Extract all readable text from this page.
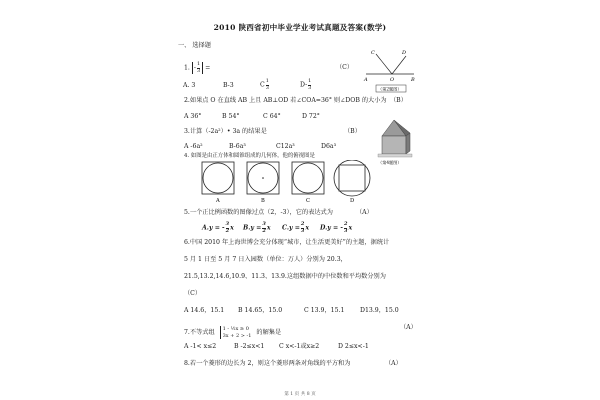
2010 陕西省初中毕业学业考试真题及答案(数学)
一、 选择题
1. - $\frac{1}{3}$ =	（C）
A. 3	B-3	C $\frac{1}{3}$	$D- \frac{1}{3}$
D
C
A	O	B
（第2题图）
2.如果点 O 在直线 AB 上且 AB⊥OD 若∠COA=36° 则∠DOB 的大小为 （B）
A 36°	B 54°	C 64°	D 72°
3.计算（-2a²）• 3a 的结果是	（B）
A -6a²	B-6a³	C12a³	D6a³
（第4题图）
4. 如图是由正方体和圆锥组成的几何体，他的俯视图是
A	B	C	D
5.一个正比例函数的图像过点（2，-3），它的表达式为	（A）
A.y = - $\frac{3}{2}$ x $B.y = \frac{3}{2}$ x $C.y = \frac{2}{3}$ x D.y = - $\frac{2}{3}$ x
6.中国 2010 年上海世博会充分体现“城市，让生活更美好”的主题，据统计
5 月 1 日至 5 月 7 日入园数（单位：万人）分别为 20.3，
21.5,13.2,14.6,10.9、11.3、13.9.这组数据中的中位数和平均数分别为
（C）
A 14.6，15.1 B 14.65，15.0	C 13.9，15.1	D13.9，15.0
7.不等式组 1 - ½x ≥ 0
3x + 2 > -1 的解集是
（A）
A -1< x≤2	B -2≤x<1 C x<-1或x≥2	D 2≤x<-1
8.若一个菱形的边长为 2，则这个菱形两条对角线的平方和为	（A）
第 1 页 共 8 页
